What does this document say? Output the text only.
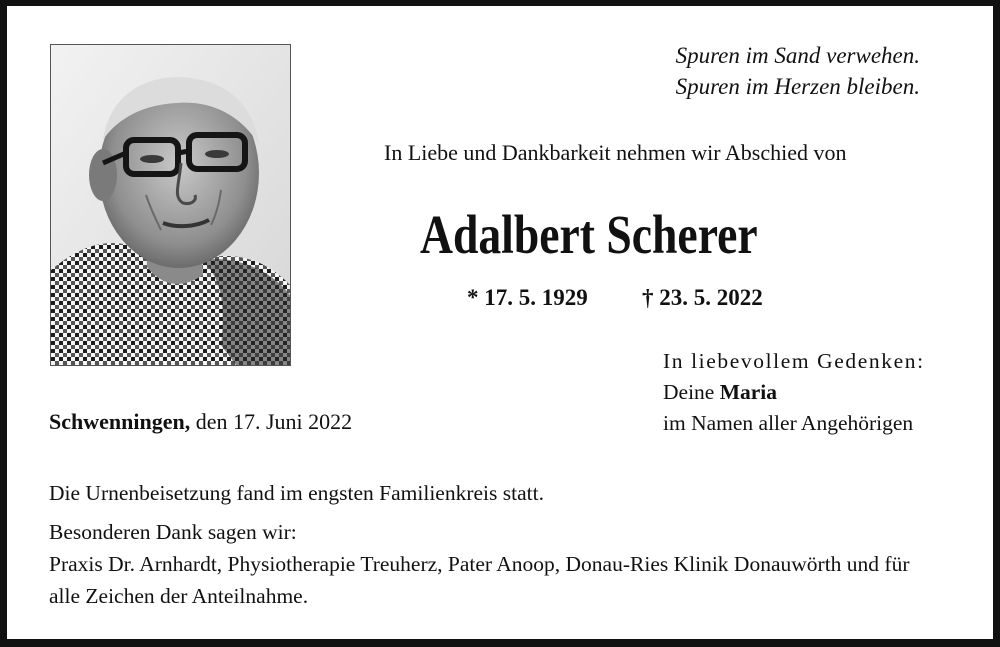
Spuren im Sand verwehen.
Spuren im Herzen bleiben.
In Liebe und Dankbarkeit nehmen wir Abschied von
Adalbert Scherer
* 17. 5. 1929 † 23. 5. 2022
In liebevollem Gedenken:
Deine Maria
im Namen aller Angehörigen
Schwenningen, den 17. Juni 2022
Die Urnenbeisetzung fand im engsten Familienkreis statt.
Besonderen Dank sagen wir:
Praxis Dr. Arnhardt, Physiotherapie Treuherz, Pater Anoop, Donau-Ries Klinik Donauwörth und für
alle Zeichen der Anteilnahme.
